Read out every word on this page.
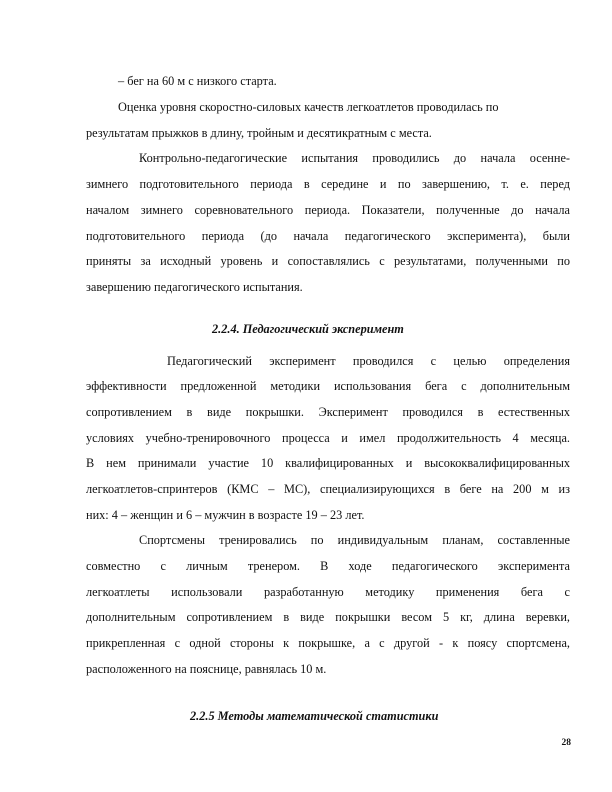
– бег на 60 м с низкого старта.
Оценка уровня скоростно-силовых качеств легкоатлетов проводилась по
результатам прыжков в длину, тройным и десятикратным с места.
Контрольно-педагогические испытания проводились до начала осенне-
зимнего подготовительного периода в середине и по завершению, т. е. перед
началом зимнего соревновательного периода. Показатели, полученные до начала
подготовительного периода (до начала педагогического эксперимента), были
приняты за исходный уровень и сопоставлялись с результатами, полученными по
завершению педагогического испытания.
2.2.4. Педагогический эксперимент
Педагогический эксперимент проводился с целью определения
эффективности предложенной методики использования бега с дополнительным
сопротивлением в виде покрышки. Эксперимент проводился в естественных
условиях учебно-тренировочного процесса и имел продолжительность 4 месяца.
В нем принимали участие 10 квалифицированных и высококвалифицированных
легкоатлетов-спринтеров (КМС – МС), специализирующихся в беге на 200 м из
них: 4 – женщин и 6 – мужчин в возрасте 19 – 23 лет.
Спортсмены тренировались по индивидуальным планам, составленные
совместно с личным тренером. В ходе педагогического эксперимента
легкоатлеты использовали разработанную методику применения бега с
дополнительным сопротивлением в виде покрышки весом 5 кг, длина веревки,
прикрепленная с одной стороны к покрышке, а с другой - к поясу спортсмена,
расположенного на пояснице, равнялась 10 м.
2.2.5 Методы математической статистики
28
